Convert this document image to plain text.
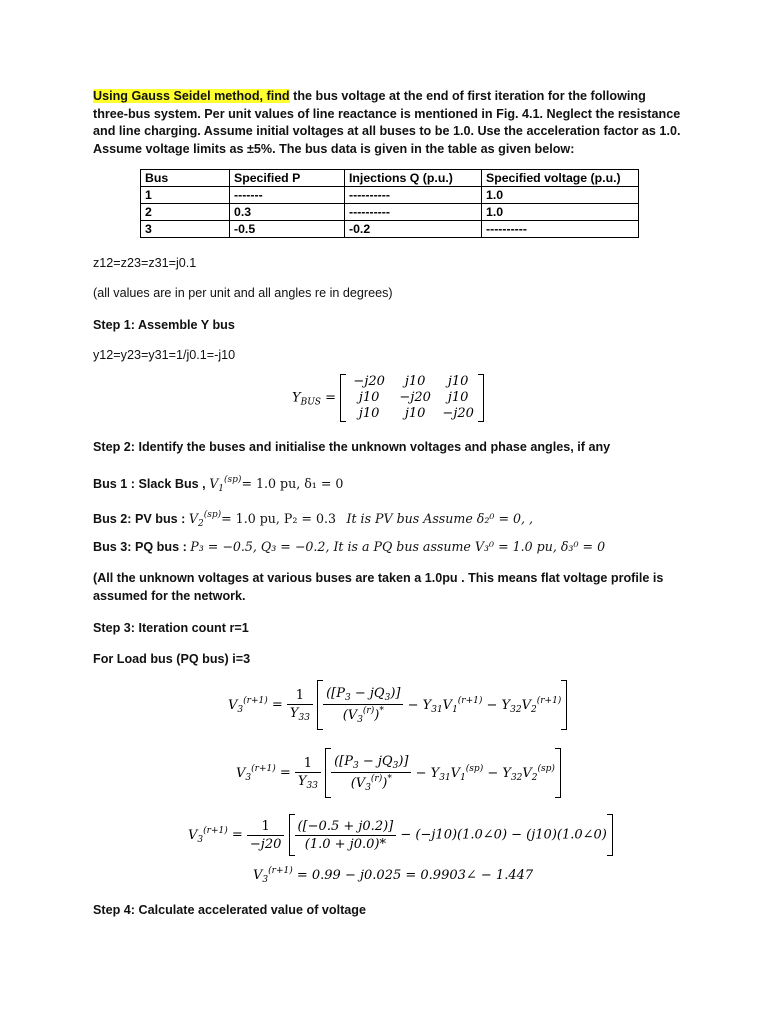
Using Gauss Seidel method, find the bus voltage at the end of first iteration for the following three-bus system. Per unit values of line reactance is mentioned in Fig. 4.1. Neglect the resistance and line charging. Assume initial voltages at all buses to be 1.0. Use the acceleration factor as 1.0. Assume voltage limits as ±5%. The bus data is given in the table as given below:
Bus	Specified P	Injections Q (p.u.)	Specified voltage (p.u.)
1	-------	----------	1.0
2	0.3	----------	1.0
3	-0.5	-0.2	----------
z12=z23=z31=j0.1
(all values are in per unit and all angles re in degrees)
Step 1: Assemble Y bus
y12=y23=y31=1/j0.1=-j10
$Y_{BUS}$ =
−j20	j10	j10
j10	−j20	j10
j10	j10	−j20
Step 2: Identify the buses and initialise the unknown voltages and phase angles, if any
Bus 1 : Slack Bus , $V_1^{(sp)}= 1.0$ pu, δ₁ = 0
Bus 2: PV bus : $V_2^{(sp)}= 1.0$ pu, P₂ = 0.3 It is PV bus Assume δ₂⁰ = 0, ,
Bus 3: PQ bus : P₃ = −0.5, Q₃ = −0.2, It is a PQ bus assume V₃⁰ = 1.0 pu, δ₃⁰ = 0
(All the unknown voltages at various buses are taken a 1.0pu . This means flat voltage profile is assumed for the network.
Step 3: Iteration count r=1
For Load bus (PQ bus) i=3
$V_3^{(r+1)} = \frac{1}{Y_{33}}$
$\frac{([P_3 - jQ_3)]}{(V_3^{(r)})^*} - Y_{31}V_1^{(r+1)} - Y_{32}V_2^{(r+1)}$
$V_3^{(r+1)} = \frac{1}{Y_{33}}$
$\frac{([P_3 - jQ_3)]}{(V_3^{(r)})^*} - Y_{31}V_1^{(sp)} - Y_{32}V_2^{(sp)}$
$V_3^{(r+1)} = \frac{1}{-j20}$
$\frac{([-0.5 + j0.2)]}{(1.0 + j0.0)*}$ − (−j10)(1.0∠0) − (j10)(1.0∠0)
$V_3^{(r+1)} = 0.99 - j0.025$ = 0.9903∠ − 1.447
Step 4: Calculate accelerated value of voltage
